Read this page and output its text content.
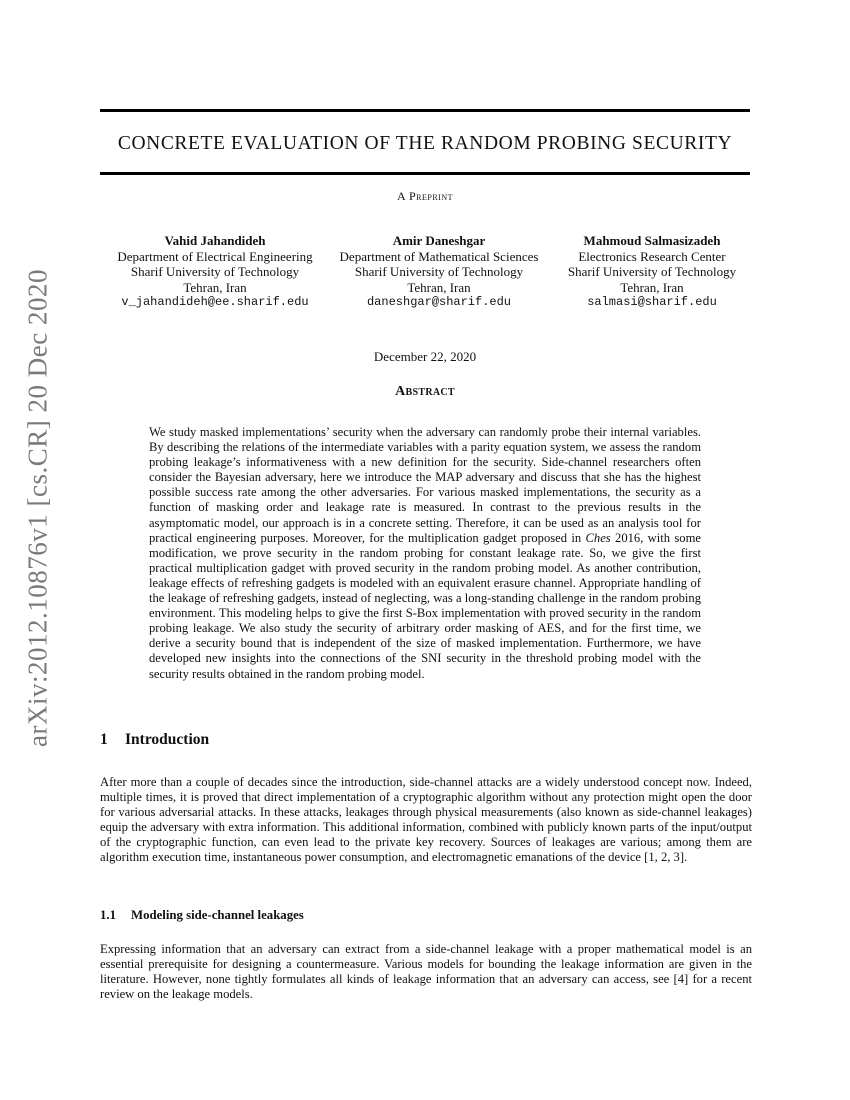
arXiv:2012.10876v1 [cs.CR] 20 Dec 2020
CONCRETE EVALUATION OF THE RANDOM PROBING SECURITY
A Preprint
Vahid Jahandideh
Department of Electrical Engineering
Sharif University of Technology
Tehran, Iran
v_jahandideh@ee.sharif.edu
Amir Daneshgar
Department of Mathematical Sciences
Sharif University of Technology
Tehran, Iran
daneshgar@sharif.edu
Mahmoud Salmasizadeh
Electronics Research Center
Sharif University of Technology
Tehran, Iran
salmasi@sharif.edu
December 22, 2020
Abstract
We study masked implementations’ security when the adversary can randomly probe their internal variables. By describing the relations of the intermediate variables with a parity equation system, we assess the random probing leakage’s informativeness with a new definition for the security. Side-channel researchers often consider the Bayesian adversary, here we introduce the MAP adversary and discuss that she has the highest possible success rate among the other adversaries. For various masked implementations, the security as a function of masking order and leakage rate is measured. In contrast to the previous results in the asymptomatic model, our approach is in a concrete setting. Therefore, it can be used as an analysis tool for practical engineering purposes. Moreover, for the multiplication gadget proposed in Ches 2016, with some modification, we prove security in the random probing for constant leakage rate. So, we give the first practical multiplication gadget with proved security in the random probing model. As another contribution, leakage effects of refreshing gadgets is modeled with an equivalent erasure channel. Appropriate handling of the leakage of refreshing gadgets, instead of neglecting, was a long-standing challenge in the random probing environment. This modeling helps to give the first S-Box implementation with proved security in the random probing leakage. We also study the security of arbitrary order masking of AES, and for the first time, we derive a security bound that is independent of the size of masked implementation. Furthermore, we have developed new insights into the connections of the SNI security in the threshold probing model with the security results obtained in the random probing model.
1 Introduction
After more than a couple of decades since the introduction, side-channel attacks are a widely understood concept now. Indeed, multiple times, it is proved that direct implementation of a cryptographic algorithm without any protection might open the door for various adversarial attacks. In these attacks, leakages through physical measurements (also known as side-channel leakages) equip the adversary with extra information. This additional information, combined with publicly known parts of the input/output of the cryptographic function, can even lead to the private key recovery. Sources of leakages are various; among them are algorithm execution time, instantaneous power consumption, and electromagnetic emanations of the device [1, 2, 3].
1.1 Modeling side-channel leakages
Expressing information that an adversary can extract from a side-channel leakage with a proper mathematical model is an essential prerequisite for designing a countermeasure. Various models for bounding the leakage information are given in the literature. However, none tightly formulates all kinds of leakage information that an adversary can access, see [4] for a recent review on the leakage models.
